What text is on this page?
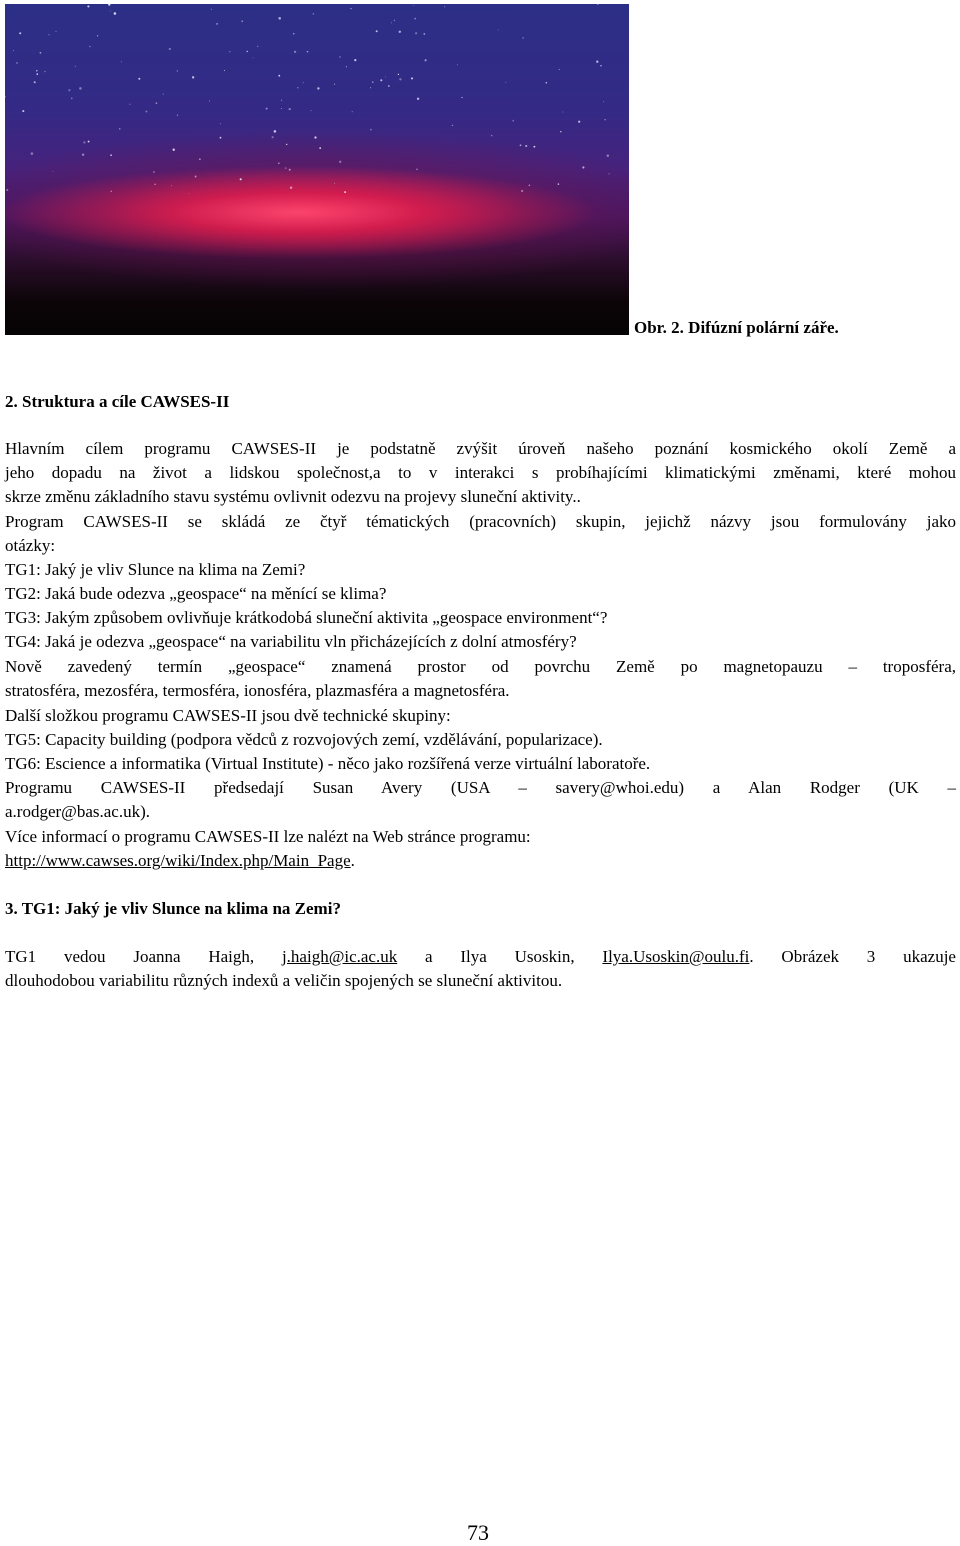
Obr. 2. Difúzní polární záře.
2. Struktura a cíle CAWSES-II
Hlavním cílem programu CAWSES-II je podstatně zvýšit úroveň našeho poznání kosmického okolí Země a
jeho dopadu na život a lidskou společnost,a to v interakci s probíhajícími klimatickými změnami, které mohou
skrze změnu základního stavu systému ovlivnit odezvu na projevy sluneční aktivity..
Program CAWSES-II se skládá ze čtyř tématických (pracovních) skupin, jejichž názvy jsou formulovány jako
otázky:
TG1: Jaký je vliv Slunce na klima na Zemi?
TG2: Jaká bude odezva „geospace“ na měnící se klima?
TG3: Jakým způsobem ovlivňuje krátkodobá sluneční aktivita „geospace environment“?
TG4: Jaká je odezva „geospace“ na variabilitu vln přicházejících z dolní atmosféry?
Nově zavedený termín „geospace“ znamená prostor od povrchu Země po magnetopauzu – troposféra,
stratosféra, mezosféra, termosféra, ionosféra, plazmasféra a magnetosféra.
Další složkou programu CAWSES-II jsou dvě technické skupiny:
TG5: Capacity building (podpora vědců z rozvojových zemí, vzdělávání, popularizace).
TG6: Escience a informatika (Virtual Institute) - něco jako rozšířená verze virtuální laboratoře.
Programu CAWSES-II předsedají Susan Avery (USA – savery@whoi.edu) a Alan Rodger (UK –
a.rodger@bas.ac.uk).
Více informací o programu CAWSES-II lze nalézt na Web stránce programu:
http://www.cawses.org/wiki/Index.php/Main_Page.
3. TG1: Jaký je vliv Slunce na klima na Zemi?
TG1 vedou Joanna Haigh, j.haigh@ic.ac.uk a Ilya Usoskin, Ilya.Usoskin@oulu.fi. Obrázek 3 ukazuje
dlouhodobou variabilitu různých indexů a veličin spojených se sluneční aktivitou.
73
